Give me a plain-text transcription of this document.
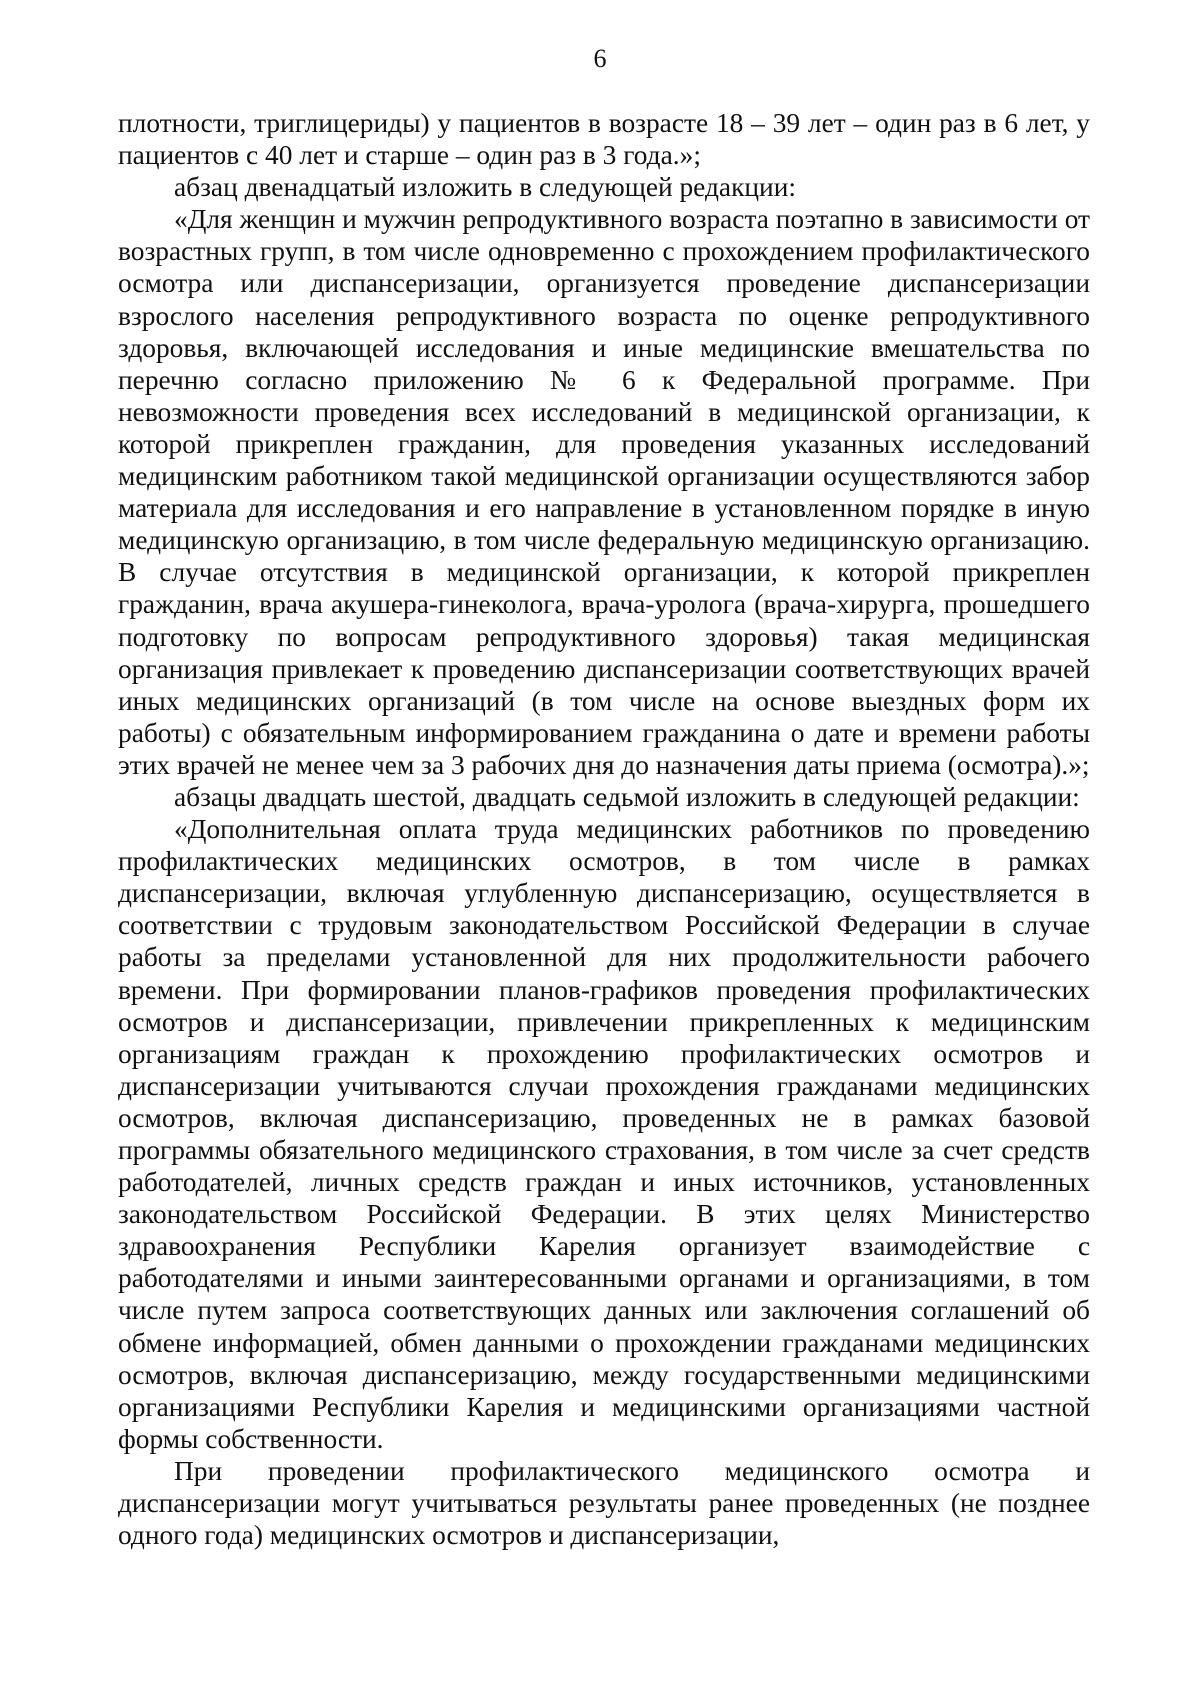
6

плотности, триглицериды) у пациентов в возрасте 18 – 39 лет – один раз в 6 лет, у пациентов с 40 лет и старше – один раз в 3 года.»;

абзац двенадцатый изложить в следующей редакции:

«Для женщин и мужчин репродуктивного возраста поэтапно в зависимости от возрастных групп, в том числе одновременно с прохождением профилактического осмотра или диспансеризации, организуется проведение диспансеризации взрослого населения репродуктивного возраста по оценке репродуктивного здоровья, включающей исследования и иные медицинские вмешательства по перечню согласно приложению № 6 к Федеральной программе. При невозможности проведения всех исследований в медицинской организации, к которой прикреплен гражданин, для проведения указанных исследований медицинским работником такой медицинской организации осуществляются забор материала для исследования и его направление в установленном порядке в иную медицинскую организацию, в том числе федеральную медицинскую организацию. В случае отсутствия в медицинской организации, к которой прикреплен гражданин, врача акушера-гинеколога, врача-уролога (врача-хирурга, прошедшего подготовку по вопросам репродуктивного здоровья) такая медицинская организация привлекает к проведению диспансеризации соответствующих врачей иных медицинских организаций (в том числе на основе выездных форм их работы) с обязательным информированием гражданина о дате и времени работы этих врачей не менее чем за 3 рабочих дня до назначения даты приема (осмотра).»;

абзацы двадцать шестой, двадцать седьмой изложить в следующей редакции:

«Дополнительная оплата труда медицинских работников по проведению профилактических медицинских осмотров, в том числе в рамках диспансеризации, включая углубленную диспансеризацию, осуществляется в соответствии с трудовым законодательством Российской Федерации в случае работы за пределами установленной для них продолжительности рабочего времени. При формировании планов-графиков проведения профилактических осмотров и диспансеризации, привлечении прикрепленных к медицинским организациям граждан к прохождению профилактических осмотров и диспансеризации учитываются случаи прохождения гражданами медицинских осмотров, включая диспансеризацию, проведенных не в рамках базовой программы обязательного медицинского страхования, в том числе за счет средств работодателей, личных средств граждан и иных источников, установленных законодательством Российской Федерации. В этих целях Министерство здравоохранения Республики Карелия организует взаимодействие с работодателями и иными заинтересованными органами и организациями, в том числе путем запроса соответствующих данных или заключения соглашений об обмене информацией, обмен данными о прохождении гражданами медицинских осмотров, включая диспансеризацию, между государственными медицинскими организациями Республики Карелия и медицинскими организациями частной формы собственности.

При проведении профилактического медицинского осмотра и диспансеризации могут учитываться результаты ранее проведенных (не позднее одного года) медицинских осмотров и диспансеризации,
